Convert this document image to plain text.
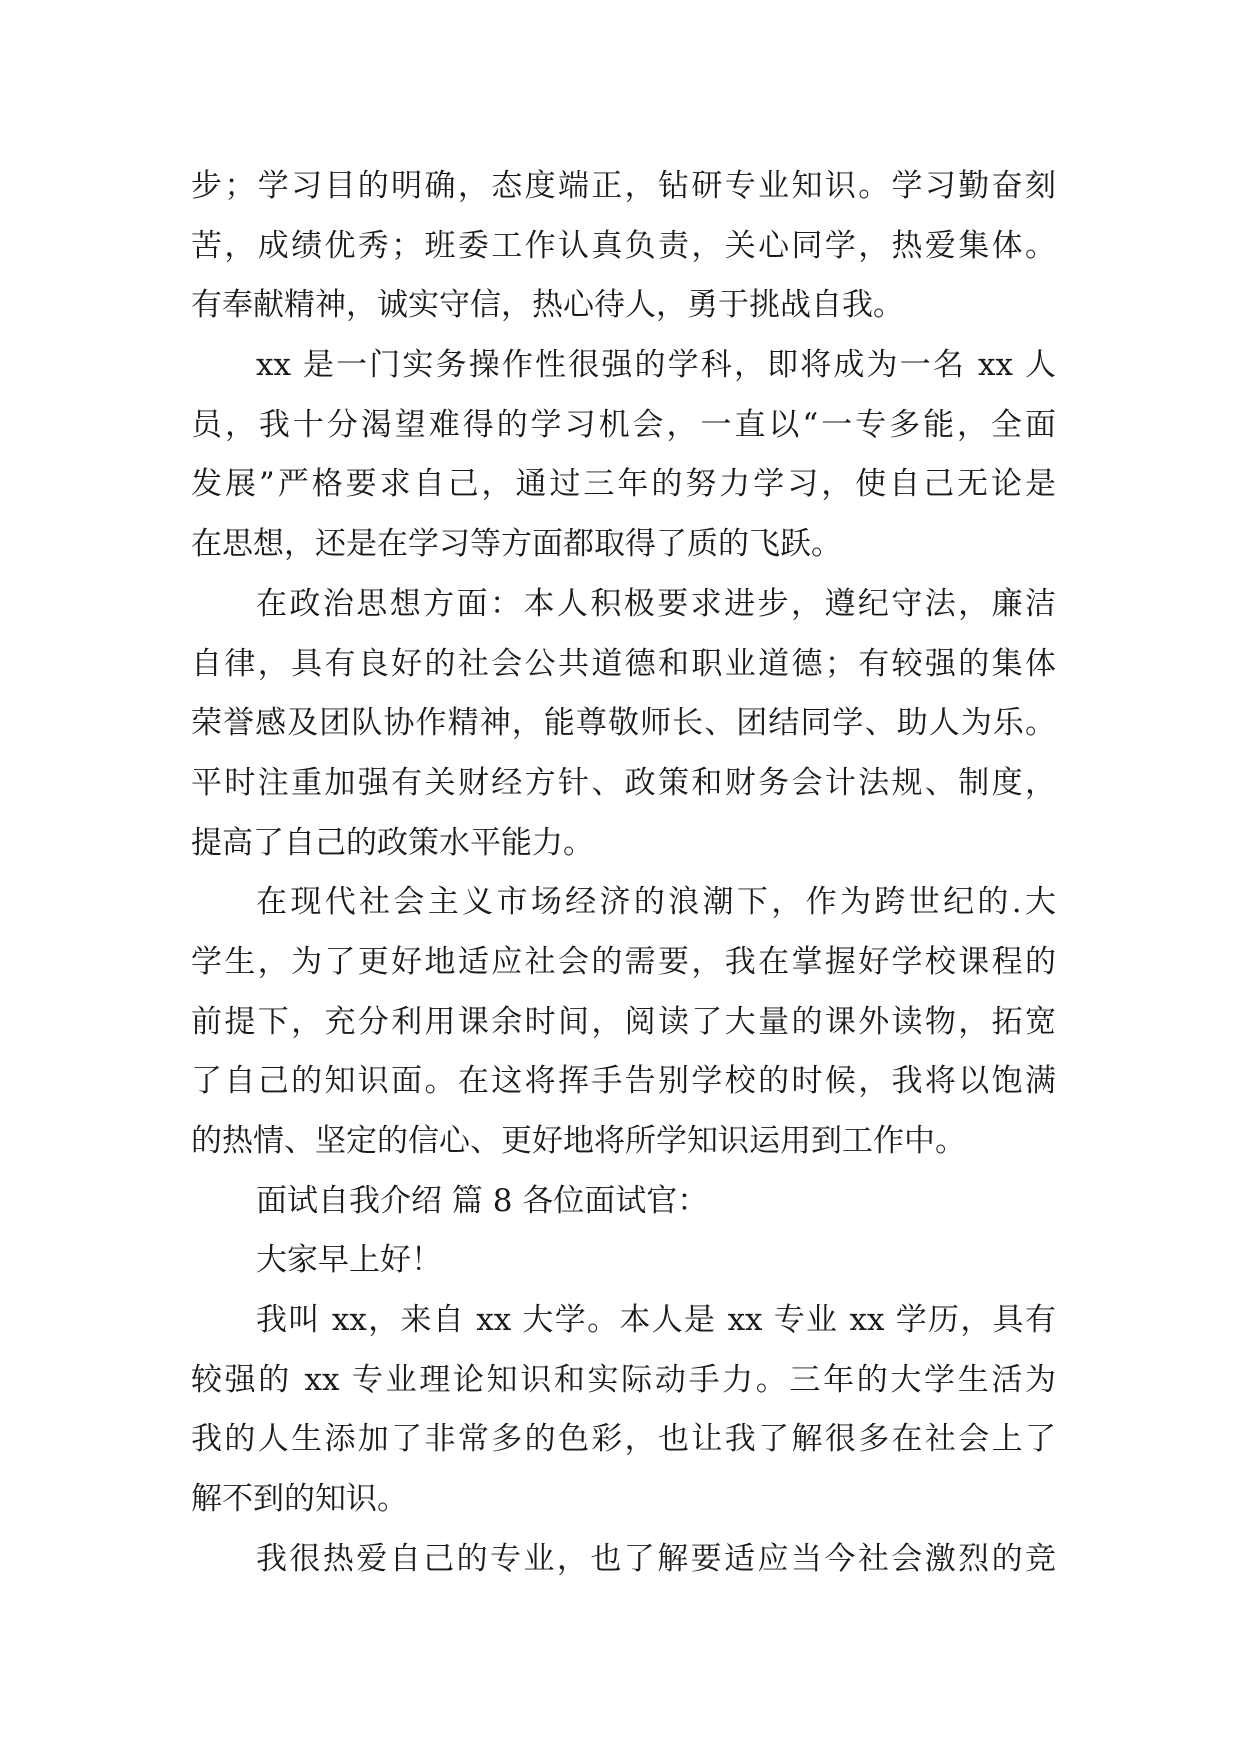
步；学习目的明确，态度端正，钻研专业知识。学习勤奋刻
苦，成绩优秀；班委工作认真负责，关心同学，热爱集体。
有奉献精神，诚实守信，热心待人，勇于挑战自我。
xx 是一门实务操作性很强的学科，即将成为一名 xx 人
员，我十分渴望难得的学习机会，一直以“一专多能，全面
发展”严格要求自己，通过三年的努力学习，使自己无论是
在思想，还是在学习等方面都取得了质的飞跃。
在政治思想方面：本人积极要求进步，遵纪守法，廉洁
自律，具有良好的社会公共道德和职业道德；有较强的集体
荣誉感及团队协作精神，能尊敬师长、团结同学、助人为乐。
平时注重加强有关财经方针、政策和财务会计法规、制度，
提高了自己的政策水平能力。
在现代社会主义市场经济的浪潮下，作为跨世纪的.大
学生，为了更好地适应社会的需要，我在掌握好学校课程的
前提下，充分利用课余时间，阅读了大量的课外读物，拓宽
了自己的知识面。在这将挥手告别学校的时候，我将以饱满
的热情、坚定的信心、更好地将所学知识运用到工作中。
面试自我介绍 篇 8 各位面试官：
大家早上好！
我叫 xx，来自 xx 大学。本人是 xx 专业 xx 学历，具有
较强的 xx 专业理论知识和实际动手力。三年的大学生活为
我的人生添加了非常多的色彩，也让我了解很多在社会上了
解不到的知识。
我很热爱自己的专业，也了解要适应当今社会激烈的竞
